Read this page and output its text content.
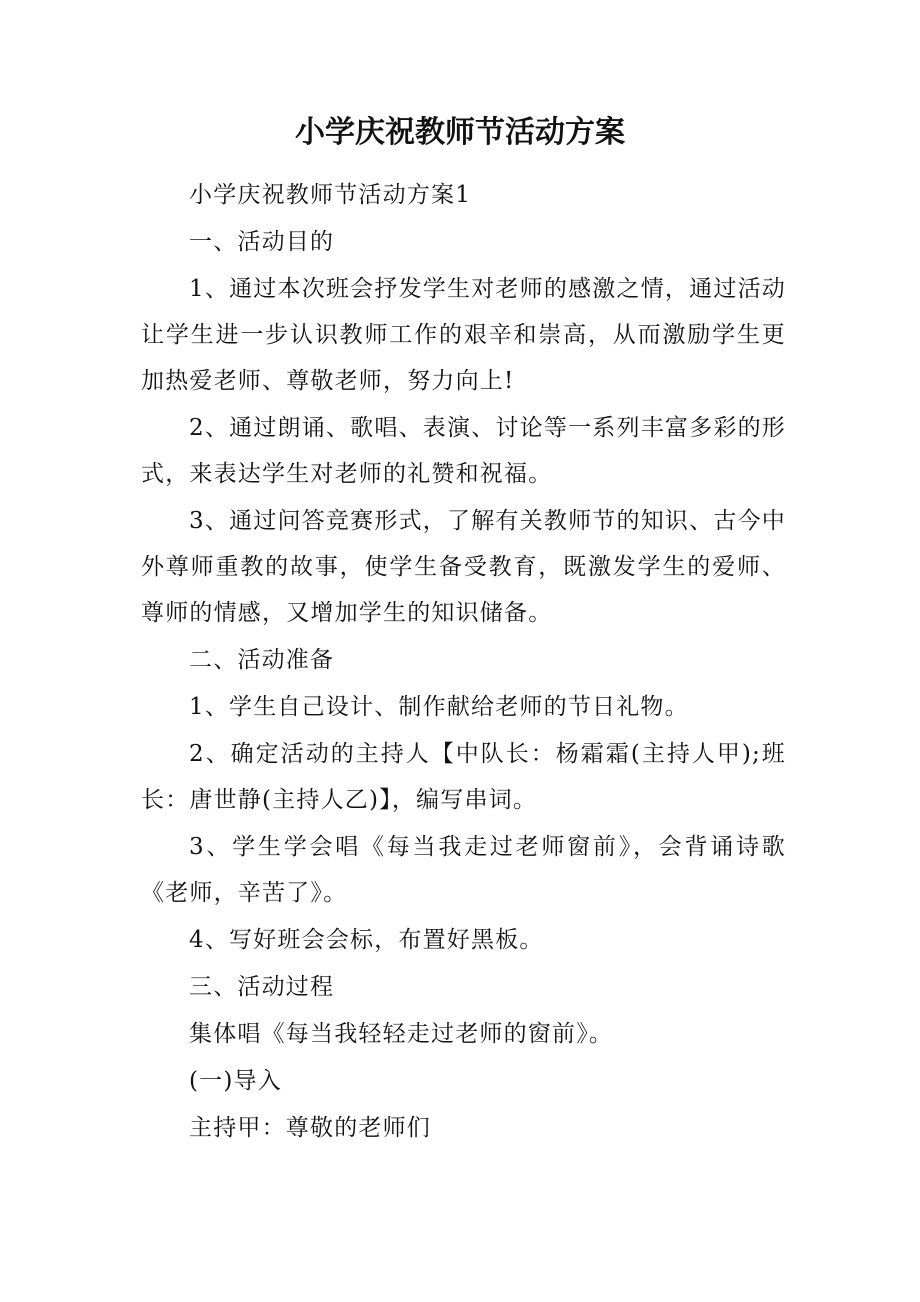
小学庆祝教师节活动方案

小学庆祝教师节活动方案1

一、活动目的

1、通过本次班会抒发学生对老师的感激之情，通过活动让学生进一步认识教师工作的艰辛和崇高，从而激励学生更加热爱老师、尊敬老师，努力向上!

2、通过朗诵、歌唱、表演、讨论等一系列丰富多彩的形式，来表达学生对老师的礼赞和祝福。

3、通过问答竞赛形式，了解有关教师节的知识、古今中外尊师重教的故事，使学生备受教育，既激发学生的爱师、尊师的情感，又增加学生的知识储备。

二、活动准备

1、学生自己设计、制作献给老师的节日礼物。

2、确定活动的主持人【中队长：杨霜霜(主持人甲);班长：唐世静(主持人乙)】，编写串词。

3、学生学会唱《每当我走过老师窗前》，会背诵诗歌《老师，辛苦了》。

4、写好班会会标，布置好黑板。

三、活动过程

集体唱《每当我轻轻走过老师的窗前》。

(一)导入

主持甲：尊敬的老师们
